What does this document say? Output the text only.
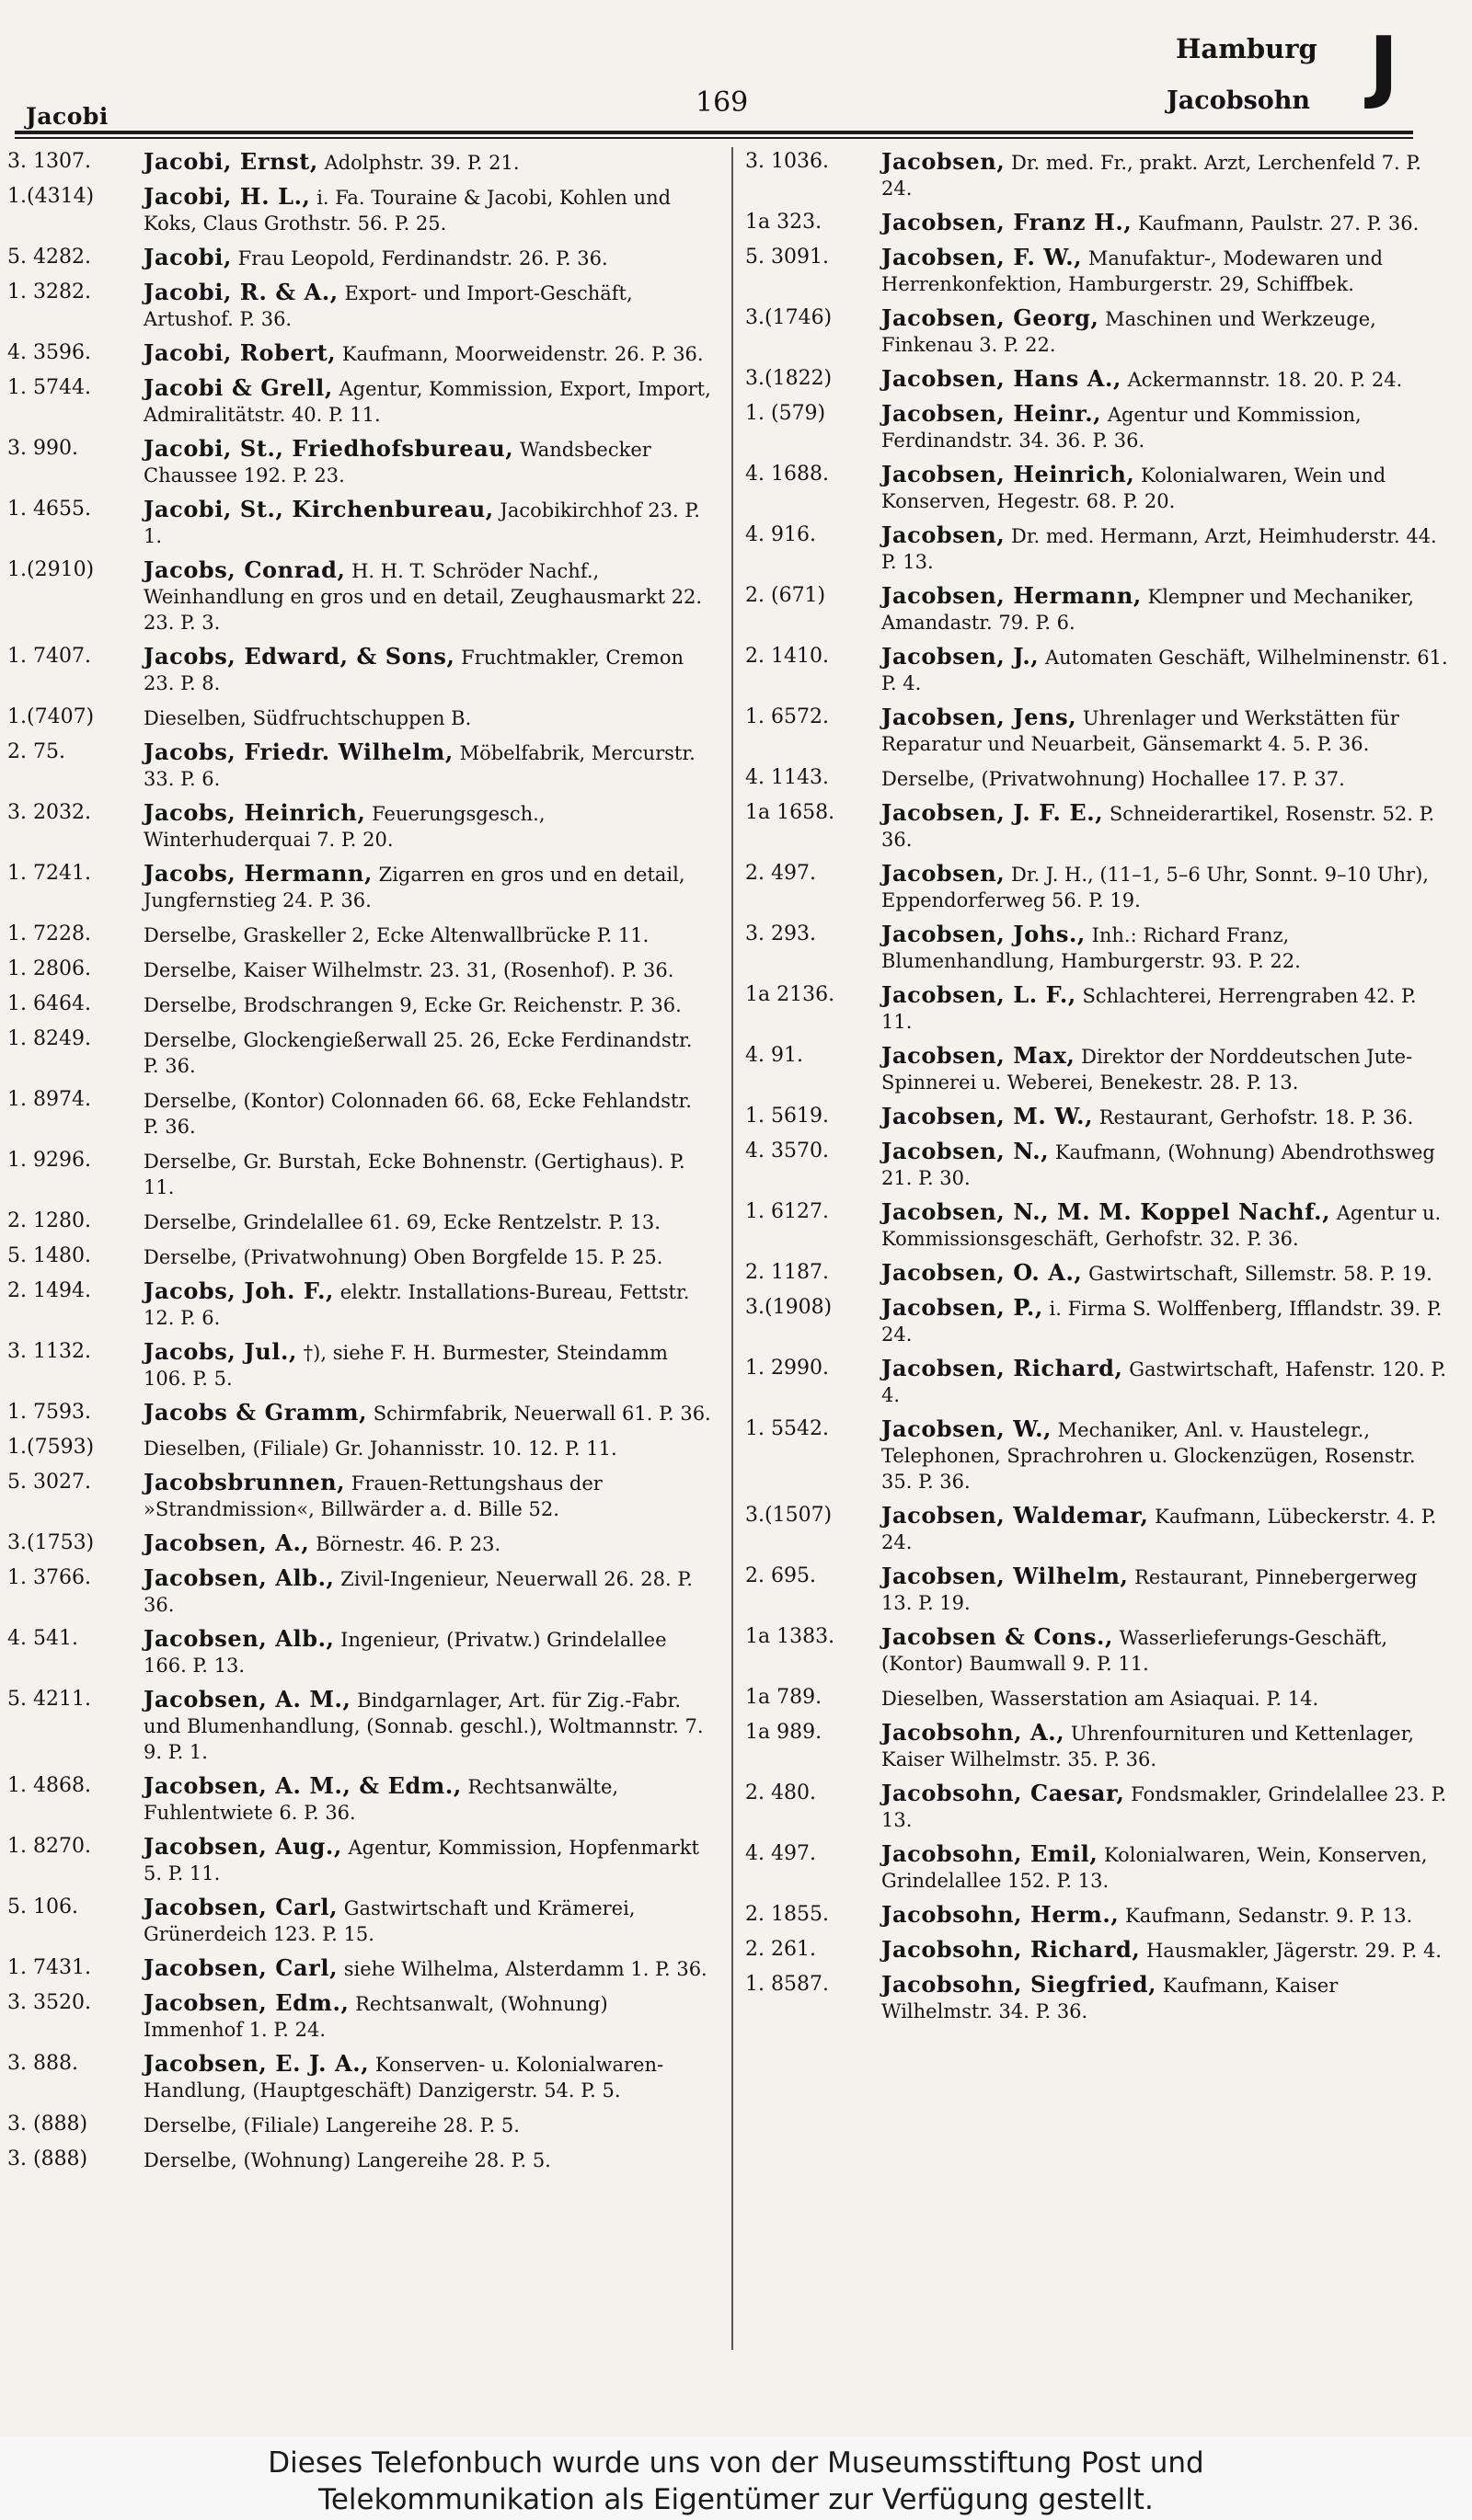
Jacobi	169
Hamburg
Jacobsohn J
3. 1307.	Jacobi, Ernst, Adolphstr. 39. P. 21.
1.(4314)	Jacobi, H. L., i. Fa. Touraine & Jacobi, Kohlen und Koks, Claus Grothstr. 56. P. 25.
5. 4282.	Jacobi, Frau Leopold, Ferdinandstr. 26. P. 36.
1. 3282.	Jacobi, R. & A., Export- und Import-Geschäft, Artushof. P. 36.
4. 3596.	Jacobi, Robert, Kaufmann, Moorweidenstr. 26. P. 36.
1. 5744.	Jacobi & Grell, Agentur, Kommission, Export, Import, Admiralitätstr. 40. P. 11.
3. 990.	Jacobi, St., Friedhofsbureau, Wandsbecker Chaussee 192. P. 23.
1. 4655.	Jacobi, St., Kirchenbureau, Jacobikirchhof 23. P. 1.
1.(2910)	Jacobs, Conrad, H. H. T. Schröder Nachf., Weinhandlung en gros und en detail, Zeughausmarkt 22. 23. P. 3.
1. 7407.	Jacobs, Edward, & Sons, Fruchtmakler, Cremon 23. P. 8.
1.(7407)	Dieselben, Südfruchtschuppen B.
2. 75.	Jacobs, Friedr. Wilhelm, Möbelfabrik, Mercurstr. 33. P. 6.
3. 2032.	Jacobs, Heinrich, Feuerungsgesch., Winterhuderquai 7. P. 20.
1. 7241.	Jacobs, Hermann, Zigarren en gros und en detail, Jungfernstieg 24. P. 36.
1. 7228.	Derselbe, Graskeller 2, Ecke Altenwallbrücke P. 11.
1. 2806.	Derselbe, Kaiser Wilhelmstr. 23. 31, (Rosenhof). P. 36.
1. 6464.	Derselbe, Brodschrangen 9, Ecke Gr. Reichenstr. P. 36.
1. 8249.	Derselbe, Glockengießerwall 25. 26, Ecke Ferdinandstr. P. 36.
1. 8974.	Derselbe, (Kontor) Colonnaden 66. 68, Ecke Fehlandstr. P. 36.
1. 9296.	Derselbe, Gr. Burstah, Ecke Bohnenstr. (Gertighaus). P. 11.
2. 1280.	Derselbe, Grindelallee 61. 69, Ecke Rentzelstr. P. 13.
5. 1480.	Derselbe, (Privatwohnung) Oben Borgfelde 15. P. 25.
2. 1494.	Jacobs, Joh. F., elektr. Installations-Bureau, Fettstr. 12. P. 6.
3. 1132.	Jacobs, Jul., †), siehe F. H. Burmester, Steindamm 106. P. 5.
1. 7593.	Jacobs & Gramm, Schirmfabrik, Neuerwall 61. P. 36.
1.(7593)	Dieselben, (Filiale) Gr. Johannisstr. 10. 12. P. 11.
5. 3027.	Jacobsbrunnen, Frauen-Rettungshaus der »Strandmission«, Billwärder a. d. Bille 52.
3.(1753)	Jacobsen, A., Börnestr. 46. P. 23.
1. 3766.	Jacobsen, Alb., Zivil-Ingenieur, Neuerwall 26. 28. P. 36.
4. 541.	Jacobsen, Alb., Ingenieur, (Privatw.) Grindelallee 166. P. 13.
5. 4211.	Jacobsen, A. M., Bindgarnlager, Art. für Zig.-Fabr. und Blumenhandlung, (Sonnab. geschl.), Woltmannstr. 7. 9. P. 1.
1. 4868.	Jacobsen, A. M., & Edm., Rechtsanwälte, Fuhlentwiete 6. P. 36.
1. 8270.	Jacobsen, Aug., Agentur, Kommission, Hopfenmarkt 5. P. 11.
5. 106.	Jacobsen, Carl, Gastwirtschaft und Krämerei, Grünerdeich 123. P. 15.
1. 7431.	Jacobsen, Carl, siehe Wilhelma, Alsterdamm 1. P. 36.
3. 3520.	Jacobsen, Edm., Rechtsanwalt, (Wohnung) Immenhof 1. P. 24.
3. 888.	Jacobsen, E. J. A., Konserven- u. Kolonialwaren-Handlung, (Hauptgeschäft) Danzigerstr. 54. P. 5.
3. (888)	Derselbe, (Filiale) Langereihe 28. P. 5.
3. (888)	Derselbe, (Wohnung) Langereihe 28. P. 5.
3. 1036.	Jacobsen, Dr. med. Fr., prakt. Arzt, Lerchenfeld 7. P. 24.
1a 323.	Jacobsen, Franz H., Kaufmann, Paulstr. 27. P. 36.
5. 3091.	Jacobsen, F. W., Manufaktur-, Modewaren und Herrenkonfektion, Hamburgerstr. 29, Schiffbek.
3.(1746)	Jacobsen, Georg, Maschinen und Werkzeuge, Finkenau 3. P. 22.
3.(1822)	Jacobsen, Hans A., Ackermannstr. 18. 20. P. 24.
1. (579)	Jacobsen, Heinr., Agentur und Kommission, Ferdinandstr. 34. 36. P. 36.
4. 1688.	Jacobsen, Heinrich, Kolonialwaren, Wein und Konserven, Hegestr. 68. P. 20.
4. 916.	Jacobsen, Dr. med. Hermann, Arzt, Heimhuderstr. 44. P. 13.
2. (671)	Jacobsen, Hermann, Klempner und Mechaniker, Amandastr. 79. P. 6.
2. 1410.	Jacobsen, J., Automaten Geschäft, Wilhelminenstr. 61. P. 4.
1. 6572.	Jacobsen, Jens, Uhrenlager und Werkstätten für Reparatur und Neuarbeit, Gänsemarkt 4. 5. P. 36.
4. 1143.	Derselbe, (Privatwohnung) Hochallee 17. P. 37.
1a 1658.	Jacobsen, J. F. E., Schneiderartikel, Rosenstr. 52. P. 36.
2. 497.	Jacobsen, Dr. J. H., (11–1, 5–6 Uhr, Sonnt. 9–10 Uhr), Eppendorferweg 56. P. 19.
3. 293.	Jacobsen, Johs., Inh.: Richard Franz, Blumenhandlung, Hamburgerstr. 93. P. 22.
1a 2136.	Jacobsen, L. F., Schlachterei, Herrengraben 42. P. 11.
4. 91.	Jacobsen, Max, Direktor der Norddeutschen Jute-Spinnerei u. Weberei, Benekestr. 28. P. 13.
1. 5619.	Jacobsen, M. W., Restaurant, Gerhofstr. 18. P. 36.
4. 3570.	Jacobsen, N., Kaufmann, (Wohnung) Abendrothsweg 21. P. 30.
1. 6127.	Jacobsen, N., M. M. Koppel Nachf., Agentur u. Kommissionsgeschäft, Gerhofstr. 32. P. 36.
2. 1187.	Jacobsen, O. A., Gastwirtschaft, Sillemstr. 58. P. 19.
3.(1908)	Jacobsen, P., i. Firma S. Wolffenberg, Ifflandstr. 39. P. 24.
1. 2990.	Jacobsen, Richard, Gastwirtschaft, Hafenstr. 120. P. 4.
1. 5542.	Jacobsen, W., Mechaniker, Anl. v. Haustelegr., Telephonen, Sprachrohren u. Glockenzügen, Rosenstr. 35. P. 36.
3.(1507)	Jacobsen, Waldemar, Kaufmann, Lübeckerstr. 4. P. 24.
2. 695.	Jacobsen, Wilhelm, Restaurant, Pinnebergerweg 13. P. 19.
1a 1383.	Jacobsen & Cons., Wasserlieferungs-Geschäft, (Kontor) Baumwall 9. P. 11.
1a 789.	Dieselben, Wasserstation am Asiaquai. P. 14.
1a 989.	Jacobsohn, A., Uhrenfournituren und Kettenlager, Kaiser Wilhelmstr. 35. P. 36.
2. 480.	Jacobsohn, Caesar, Fondsmakler, Grindelallee 23. P. 13.
4. 497.	Jacobsohn, Emil, Kolonialwaren, Wein, Konserven, Grindelallee 152. P. 13.
2. 1855.	Jacobsohn, Herm., Kaufmann, Sedanstr. 9. P. 13.
2. 261.	Jacobsohn, Richard, Hausmakler, Jägerstr. 29. P. 4.
1. 8587.	Jacobsohn, Siegfried, Kaufmann, Kaiser Wilhelmstr. 34. P. 36.
Dieses Telefonbuch wurde uns von der Museumsstiftung Post und
Telekommunikation als Eigentümer zur Verfügung gestellt.
